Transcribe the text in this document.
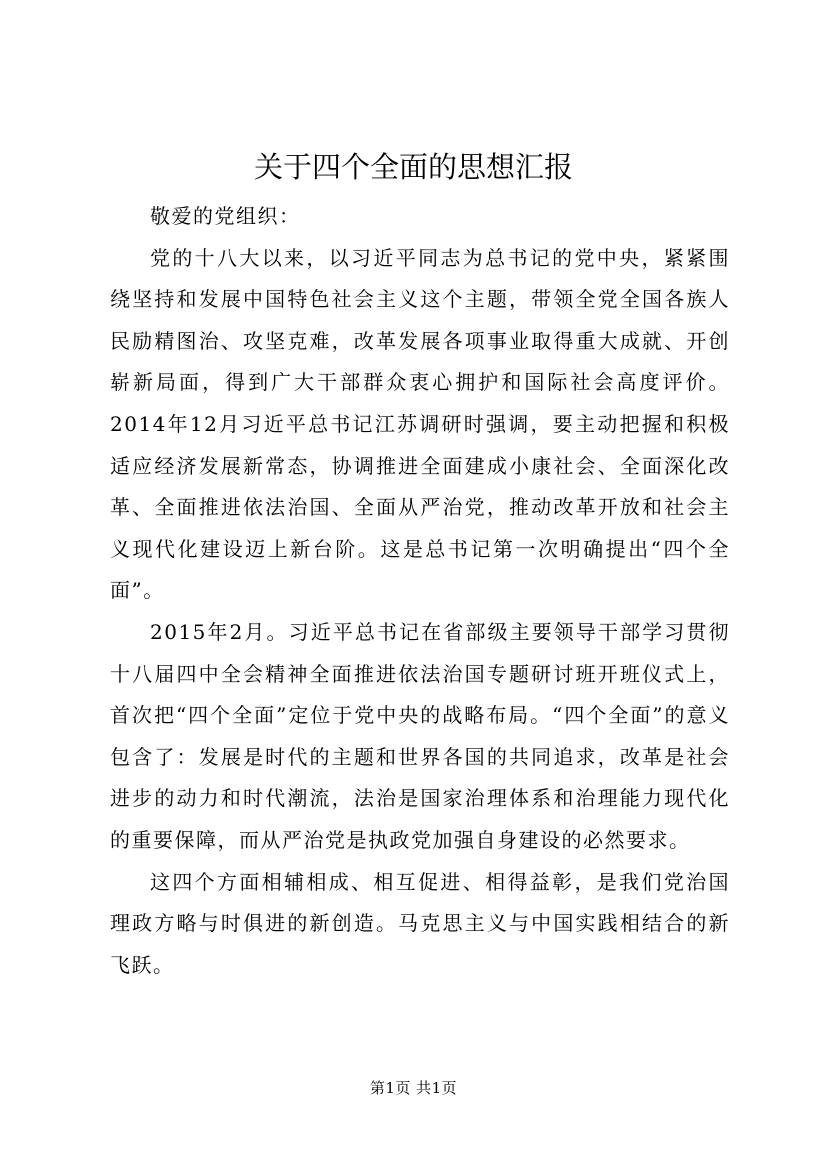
关于四个全面的思想汇报

敬爱的党组织：

党的十八大以来，以习近平同志为总书记的党中央，紧紧围绕坚持和发展中国特色社会主义这个主题，带领全党全国各族人民励精图治、攻坚克难，改革发展各项事业取得重大成就、开创崭新局面，得到广大干部群众衷心拥护和国际社会高度评价。2014年12月习近平总书记江苏调研时强调，要主动把握和积极适应经济发展新常态，协调推进全面建成小康社会、全面深化改革、全面推进依法治国、全面从严治党，推动改革开放和社会主义现代化建设迈上新台阶。这是总书记第一次明确提出“四个全面”。

2015年2月。习近平总书记在省部级主要领导干部学习贯彻十八届四中全会精神全面推进依法治国专题研讨班开班仪式上，首次把“四个全面”定位于党中央的战略布局。“四个全面”的意义包含了：发展是时代的主题和世界各国的共同追求，改革是社会进步的动力和时代潮流，法治是国家治理体系和治理能力现代化的重要保障，而从严治党是执政党加强自身建设的必然要求。

这四个方面相辅相成、相互促进、相得益彰，是我们党治国理政方略与时俱进的新创造。马克思主义与中国实践相结合的新飞跃。

第1页 共1页
